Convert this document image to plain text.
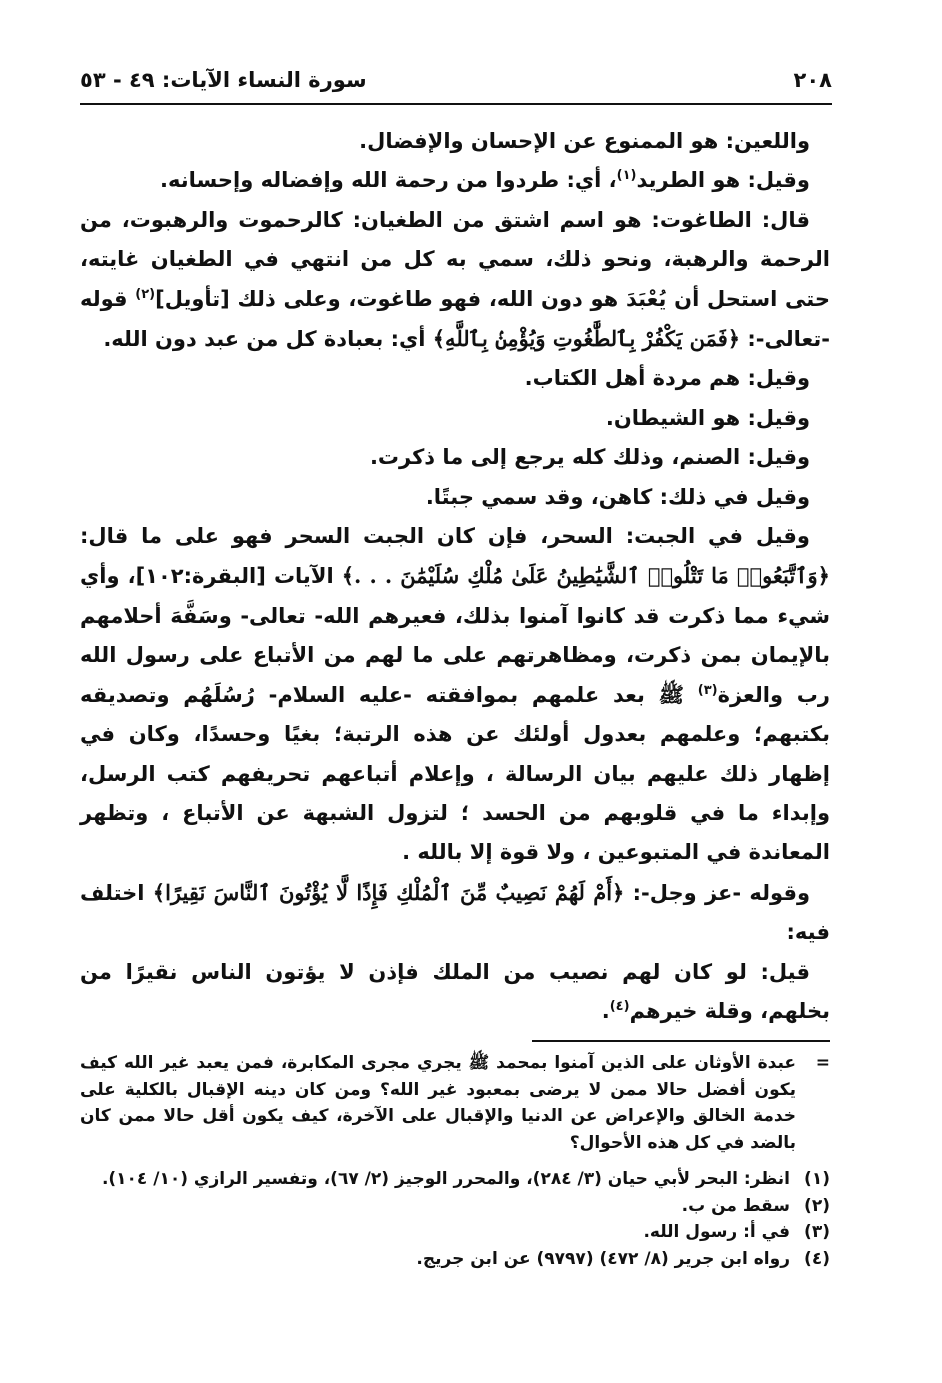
٢٠٨
سورة النساء الآيات: ٤٩ - ٥٣

واللعين: هو الممنوع عن الإحسان والإفضال.

وقيل: هو الطريد$^{(١)}$، أي: طردوا من رحمة الله وإفضاله وإحسانه.

قال: الطاغوت: هو اسم اشتق من الطغيان: كالرحموت والرهبوت، من الرحمة والرهبة، ونحو ذلك، سمي به كل من انتهي في الطغيان غايته، حتى استحل أن يُعْبَدَ هو دون الله، فهو طاغوت، وعلى ذلك [تأويل]$^{(٢)}$ قوله -تعالى-: ﴿فَمَن يَكْفُرْ بِٱلطَّٰغُوتِ وَيُؤْمِنۢ بِٱللَّهِ﴾ أي: بعبادة كل من عبد دون الله.

وقيل: هم مردة أهل الكتاب.

وقيل: هو الشيطان.

وقيل: الصنم، وذلك كله يرجع إلى ما ذكرت.

وقيل في ذلك: كاهن، وقد سمي جبتًا.

وقيل في الجبت: السحر، فإن كان الجبت السحر فهو على ما قال: ﴿وَٱتَّبَعُوا۟ مَا تَتْلُوا۟ ٱلشَّيَٰطِينُ عَلَىٰ مُلْكِ سُلَيْمَٰنَ . . .﴾ الآيات [البقرة:١٠٢]، وأي شيء مما ذكرت قد كانوا آمنوا بذلك، فعيرهم الله- تعالى- وسَفَّهَ أحلامهم بالإيمان بمن ذكرت، ومظاهرتهم على ما لهم من الأتباع على رسول الله رب والعزة$^{(٣)}$ ﷺ بعد علمهم بموافقته -عليه السلام- رُسُلَهُم وتصديقه بكتبهم؛ وعلمهم بعدول أولئك عن هذه الرتبة؛ بغيًا وحسدًا، وكان في إظهار ذلك عليهم بيان الرسالة ، وإعلام أتباعهم تحريفهم كتب الرسل، وإبداء ما في قلوبهم من الحسد ؛ لتزول الشبهة عن الأتباع ، وتظهر المعاندة في المتبوعين ، ولا قوة إلا بالله .

وقوله -عز وجل-: ﴿أَمْ لَهُمْ نَصِيبٌ مِّنَ ٱلْمُلْكِ فَإِذًا لَّا يُؤْتُونَ ٱلنَّاسَ نَقِيرًا﴾ اختلف فيه:

قيل: لو كان لهم نصيب من الملك فإذن لا يؤتون الناس نقيرًا من بخلهم، وقلة خيرهم$^{(٤)}$.

=
عبدة الأوثان على الذين آمنوا بمحمد ﷺ يجري مجرى المكابرة، فمن يعبد غير الله كيف يكون أفضل حالا ممن لا يرضى بمعبود غير الله؟ ومن كان دينه الإقبال بالكلية على خدمة الخالق والإعراض عن الدنيا والإقبال على الآخرة، كيف يكون أقل حالا ممن كان بالضد في كل هذه الأحوال؟
(١)
انظر: البحر لأبي حيان (٣/ ٢٨٤)، والمحرر الوجيز (٢/ ٦٧)، وتفسير الرازي (١٠/ ١٠٤).
(٢)
سقط من ب.
(٣)
في أ: رسول الله.
(٤)
رواه ابن جرير (٨/ ٤٧٢) (٩٧٩٧) عن ابن جريج.
